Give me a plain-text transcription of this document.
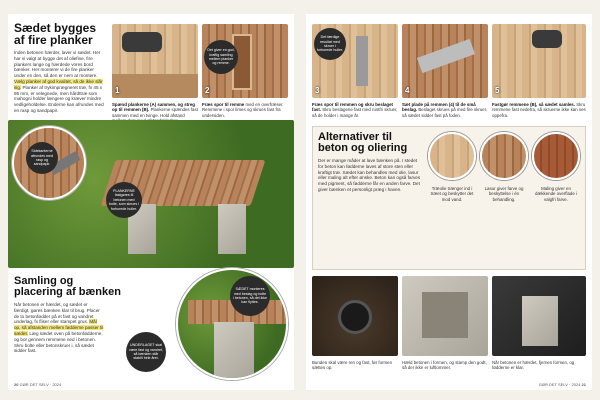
Sædet bygges
af fire planker
Inden betonen hærder, laver vi sædet. Her har vi valgt at bygge det af oliefine, fire plankers lange og hærdede vores bord bænker. Her monterer vi de fire planker under en den, så den er nem at montere. Vælg planker af god kvalitet, så de ikke slår sig. Planker af trykimprægneret træ, fx 45 x 95 mm, er velegnede, men hårdttræ som mahogni holder længere og kræver mindre vedligeholdelse. Enderne kan afrundes med en rasp og sandpapir.
1
Spænd plankerne (A) sammen, og streg op til remmen (B). Plankerne spændes fast sammen med en tvinge. Hold afstand
Det giver en god, kraftig samling mellem planker og remme.
2
Fræs spor til remme med en overfræser. Remmene i spor limes og skrues fast fra undersiden.
Sidekanterne afrundes med rasp og sandpapir.
PLANKERNE fastgøres til betonen med bolte, som skrues i forborede huller.
Samling og
placering af bænken
Når betonen er hærdet, og sædet er færdigt, gøres bænken klar til brug. Placer de to betonfødder på et fast og vandret underlag, fx fliser eller stampet grus. Mål op, så afstanden mellem fødderne passer til sædet. Læg sædet oven på betonfødderne, og bor gennem remmene ned i betonen. Skru bolte eller betonskruer i, så sædet sidder fast.
SÆDET monteres med beslag og bolte i betonen, så det ikke kan flyttes.
UNDERLAGET skal være fast og vandret, så bænken står stabilt hele året.
20 GØR DET SELV · 2024
Det færdige resultat med skruer i forborede huller.
3
Fræs spor til remmen og skru beslaget fast. Skru beslagene fast med rustfri skruer, så de holder i mange år.
4
Sæt plade på remmen (4) til de små beslag. Beslaget skrues på med fire skruer, så sædet sidder fast på foden.
5
Fastgør remmene (B), så sædet samles. Skru remmene fast nedefra, så skruerne ikke kan ses oppefra.
Alternativer til
beton og oliering
Der er mange måder at lave bænken på. I stedet for beton kan fødderne laves af store sten eller kraftigt træ. Sædet kan behandles med olie, lasur eller maling alt efter ønske. Beton kan også farves med pigment, så fødderne får en anden farve. Det giver bænken et personligt præg i haven.	Træolie trænger ind i træet og beskytter det mod vand.
Lasur giver farve og beskyttelse i én behandling.
Maling giver en dækkende overflade i valgfri farve.
Bunden skal være ren og fast, før formen sættes op.
Hæld betonen i formen, og stamp den godt, så der ikke er luftlommer.
Når betonen er hærdet, fjernes formen, og fødderne er klar.
GØR DET SELV · 2024 21
